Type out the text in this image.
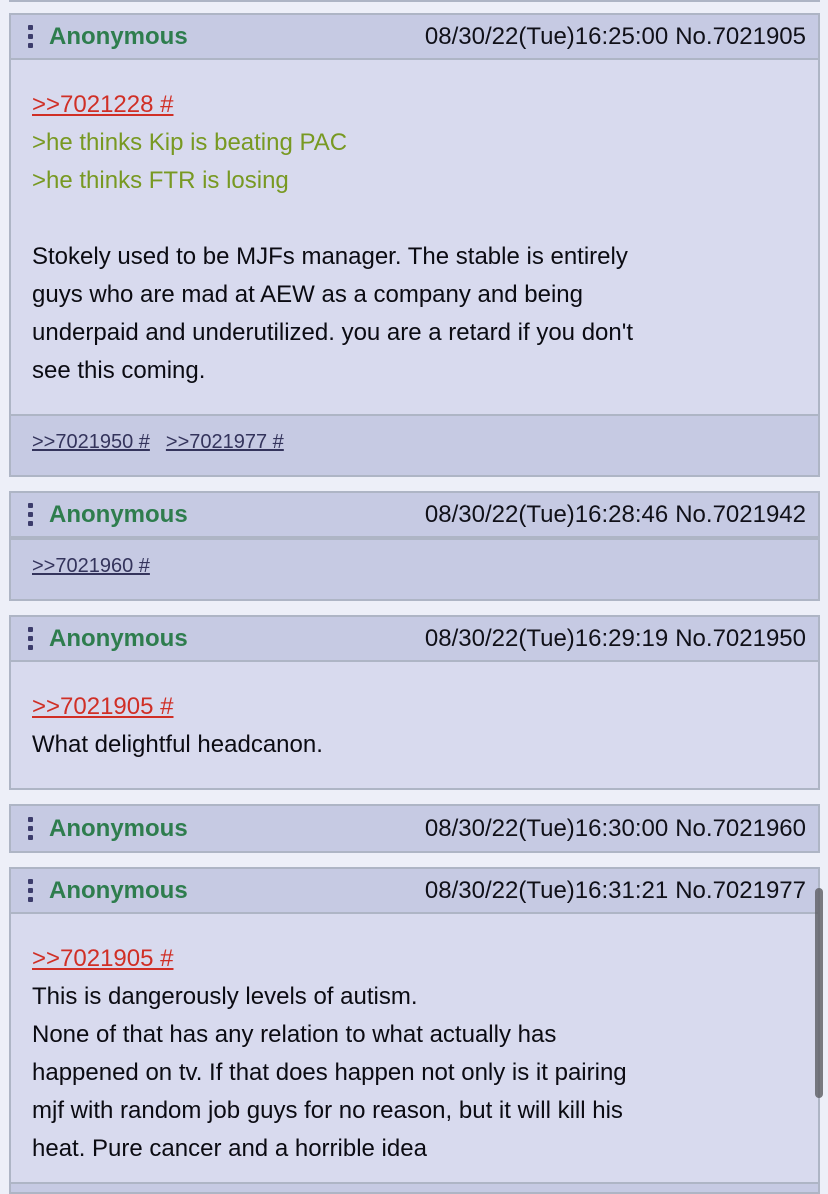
Anonymous	08/30/22(Tue)16:25:00 No.7021905
>>7021228 #
>he thinks Kip is beating PAC
>he thinks FTR is losing
Stokely used to be MJFs manager. The stable is entirely
guys who are mad at AEW as a company and being
underpaid and underutilized. you are a retard if you don't
see this coming.
>>7021950 # >>7021977 #
Anonymous	08/30/22(Tue)16:28:46 No.7021942
>>7021960 #
Anonymous	08/30/22(Tue)16:29:19 No.7021950
>>7021905 #
What delightful headcanon.
Anonymous	08/30/22(Tue)16:30:00 No.7021960
Anonymous	08/30/22(Tue)16:31:21 No.7021977
>>7021905 #
This is dangerously levels of autism.
None of that has any relation to what actually has
happened on tv. If that does happen not only is it pairing
mjf with random job guys for no reason, but it will kill his
heat. Pure cancer and a horrible idea
